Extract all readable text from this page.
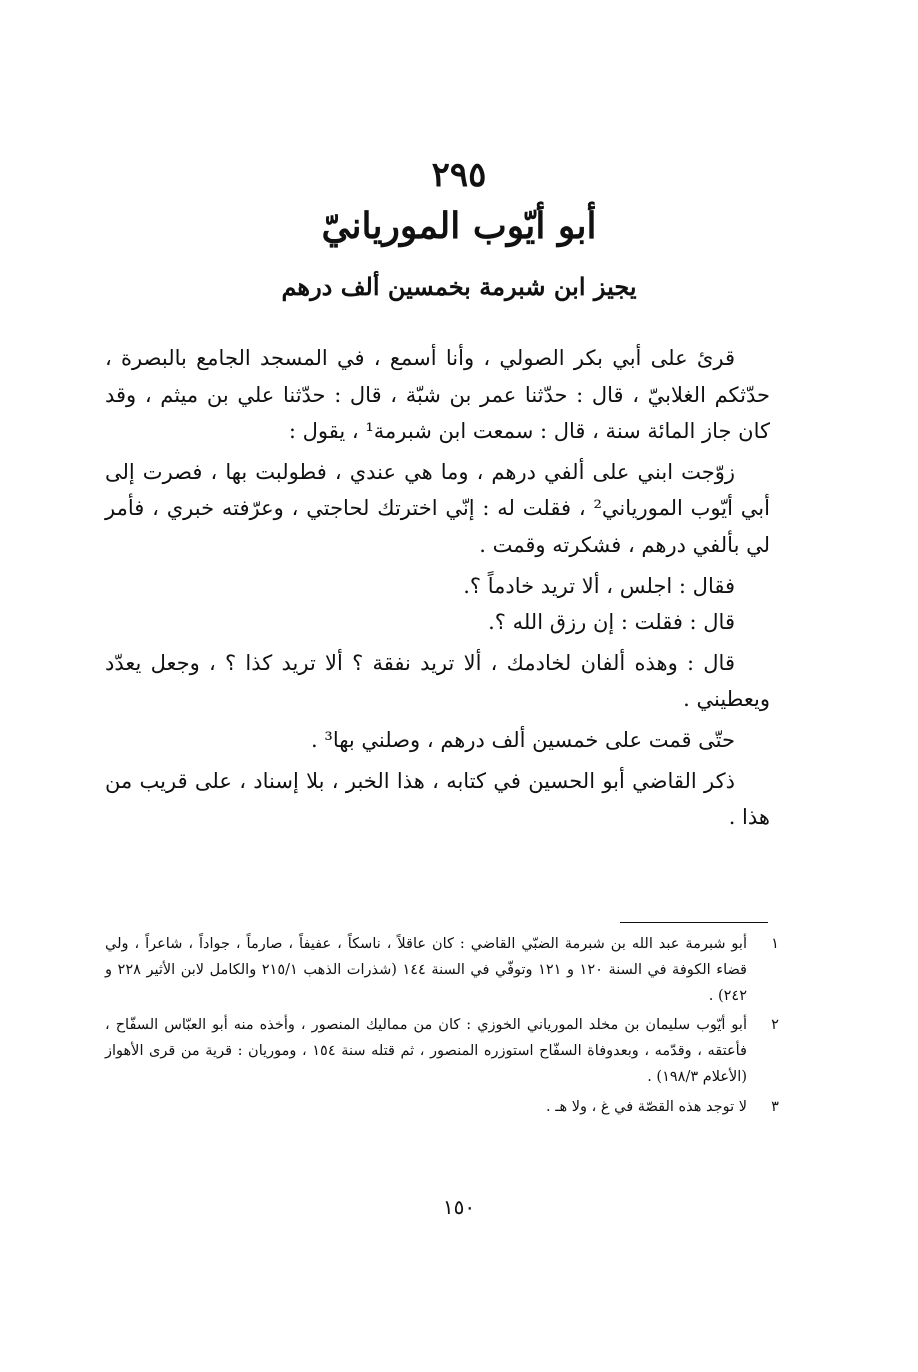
٢٩٥
أبو أيّوب الموريانيّ
يجيز ابن شبرمة بخمسين ألف درهم

قرئ على أبي بكر الصولي ، وأنا أسمع ، في المسجد الجامع بالبصرة ، حدّثكم الغلابيّ ، قال : حدّثنا عمر بن شبّة ، قال : حدّثنا علي بن ميثم ، وقد كان جاز المائة سنة ، قال : سمعت ابن شبرمة¹ ، يقول :

زوّجت ابني على ألفي درهم ، وما هي عندي ، فطولبت بها ، فصرت إلى أبي أيّوب المورياني² ، فقلت له : إنّي اخترتك لحاجتي ، وعرّفته خبري ، فأمر لي بألفي درهم ، فشكرته وقمت .

فقال : اجلس ، ألا تريد خادماً ؟.

قال : فقلت : إن رزق الله ؟.

قال : وهذه ألفان لخادمك ، ألا تريد نفقة ؟ ألا تريد كذا ؟ ، وجعل يعدّد ويعطيني .

حتّى قمت على خمسين ألف درهم ، وصلني بها³ .

ذكر القاضي أبو الحسين في كتابه ، هذا الخبر ، بلا إسناد ، على قريب من هذا .

١
أبو شبرمة عبد الله بن شبرمة الضبّي القاضي : كان عاقلاً ، ناسكاً ، عفيفاً ، صارماً ، جواداً ، شاعراً ، ولي قضاء الكوفة في السنة ١٢٠ و ١٢١ وتوفّي في السنة ١٤٤ (شذرات الذهب ٢١٥/١ والكامل لابن الأثير ٢٢٨ و ٢٤٢) .
٢
أبو أيّوب سليمان بن مخلد المورياني الخوزي : كان من مماليك المنصور ، وأخذه منه أبو العبّاس السفّاح ، فأعتقه ، وقدّمه ، وبعدوفاة السفّاح استوزره المنصور ، ثم قتله سنة ١٥٤ ، وموريان : قرية من قرى الأهواز (الأعلام ١٩٨/٣) .
٣
لا توجد هذه القصّة في غ ، ولا هـ .
١٥٠
